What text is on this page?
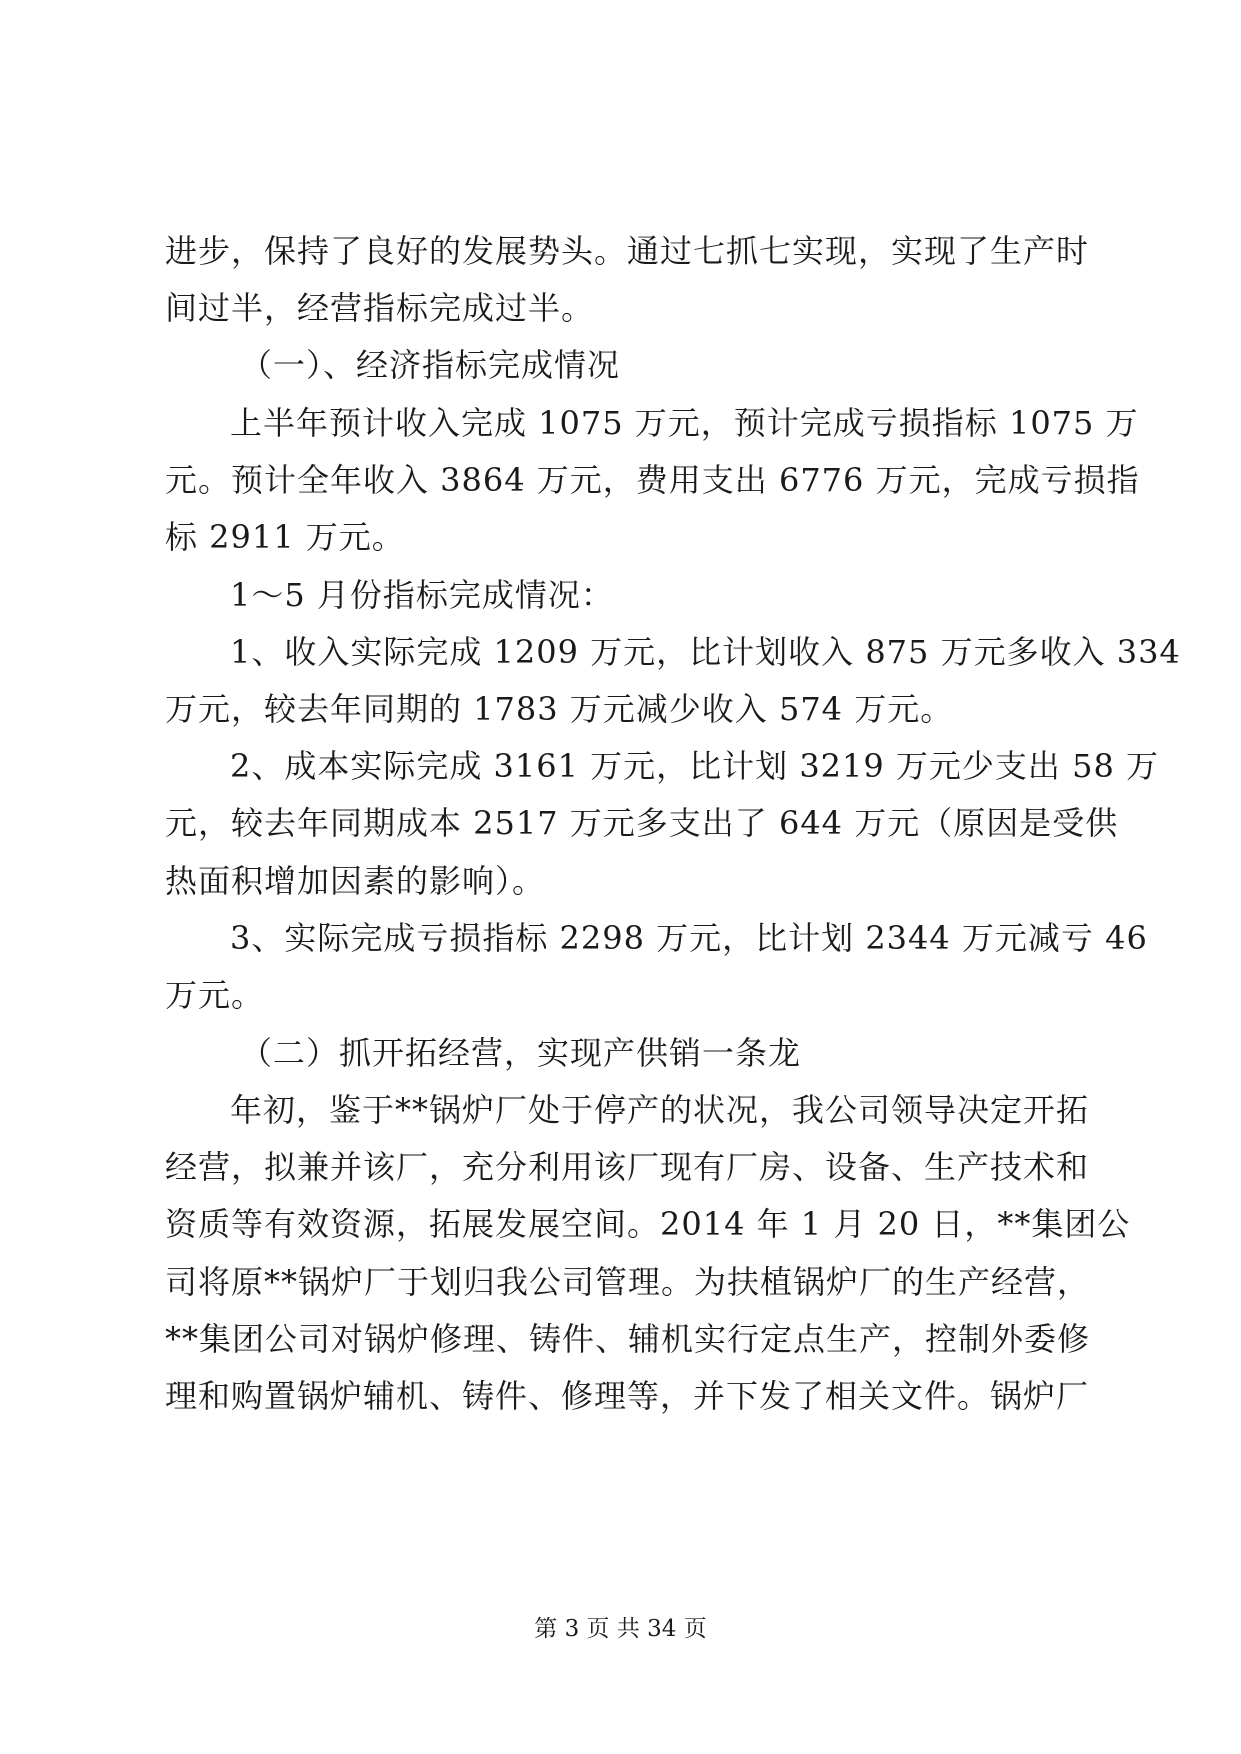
进步，保持了良好的发展势头。通过七抓七实现，实现了生产时
间过半，经营指标完成过半。
（一）、经济指标完成情况
上半年预计收入完成 1075 万元，预计完成亏损指标 1075 万
元。预计全年收入 3864 万元，费用支出 6776 万元，完成亏损指
标 2911 万元。
1～5 月份指标完成情况：
1、收入实际完成 1209 万元，比计划收入 875 万元多收入 334
万元，较去年同期的 1783 万元减少收入 574 万元。
2、成本实际完成 3161 万元，比计划 3219 万元少支出 58 万
元，较去年同期成本 2517 万元多支出了 644 万元（原因是受供
热面积增加因素的影响）。
3、实际完成亏损指标 2298 万元，比计划 2344 万元减亏 46
万元。
（二）抓开拓经营，实现产供销一条龙
年初，鉴于**锅炉厂处于停产的状况，我公司领导决定开拓
经营，拟兼并该厂，充分利用该厂现有厂房、设备、生产技术和
资质等有效资源，拓展发展空间。2014 年 1 月 20 日，**集团公
司将原**锅炉厂于划归我公司管理。为扶植锅炉厂的生产经营，
**集团公司对锅炉修理、铸件、辅机实行定点生产，控制外委修
理和购置锅炉辅机、铸件、修理等，并下发了相关文件。锅炉厂
第 3 页 共 34 页
